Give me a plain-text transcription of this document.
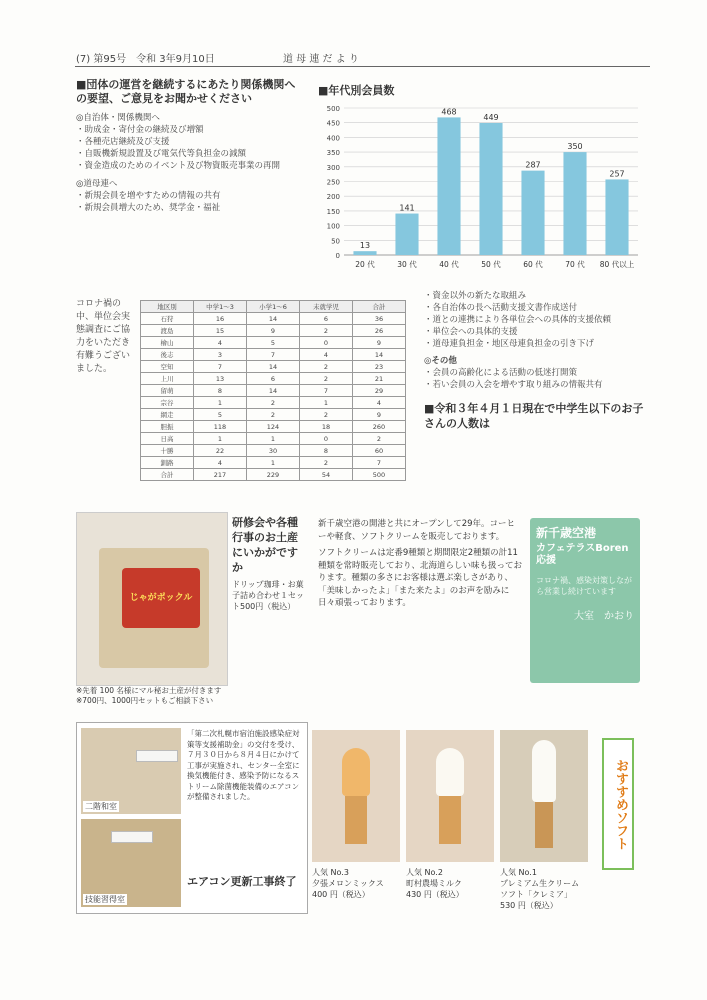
(7) 第95号　令和 3年9月10日	道 母 連 だ よ り
■団体の運営を継続するにあたり関係機関への要望、ご意見をお聞かせください
◎自治体・関係機関へ
・助成金・寄付金の継続及び増額
・各種売店継続及び支援
・自販機新規設置及び電気代等負担金の減額
・資金造成のためのイベント及び物資販売事業の再開
◎道母連へ
・新規会員を増やすための情報の共有
・新規会員増大のため、奨学金・福祉
■年代別会員数
0
50
100
150
200
250
300
350
400
450
500
13
20 代
141
30 代
468
40 代
449
50 代
287
60 代
350
70 代
257
80 代以上
・資金以外の新たな取組み
・各自治体の長へ活動支援文書作成送付
・道との連携により各単位会への具体的支援依頼
・単位会への具体的支援
・道母連負担金・地区母連負担金の引き下げ
◎その他
・会員の高齢化による活動の低迷打開策
・若い会員の入会を増やす取り組みの情報共有
■令和３年４月１日現在で中学生以下のお子さんの人数は
地区別	中学1〜3	小学1〜6	未就学児	合計
石狩	16	14	6	36
渡島	15	9	2	26
檜山	4	5	0	9
後志	3	7	4	14
空知	7	14	2	23
上川	13	6	2	21
留萌	8	14	7	29
宗谷	1	2	1	4
網走	5	2	2	9
胆振	118	124	18	260
日高	1	1	0	2
十勝	22	30	8	60
釧路	4	1	2	7
合計	217	229	54	500
コロナ禍の中、単位会実態調査にご協力をいただき有難うございました。
新千歳空港
カフェテラスBoren応援
コロナ禍、感染対策しながら営業し続けています
大室　かおり
新千歳空港の開港と共にオープンして29年。コーヒーや軽食、ソフトクリームを販売しております。
ソフトクリームは定番9種類と期間限定2種類の計11種類を常時販売しており、北海道らしい味も扱っております。種類の多さにお客様は選ぶ楽しさがあり、「美味しかったよ」「また来たよ」のお声を励みに日々頑張っております。
じゃがポックル
研修会や各種行事のお土産にいかがですか
ドリップ珈琲・お菓子詰め合わせ１セット500円（税込）
※先着 100 名様にマル秘お土産が付きます
※700円、1000円セットもご相談下さい
二階和室
技能習得室
「第二次札幌市宿泊施設感染症対策等支援補助金」の交付を受け、７月３０日から８月４日にかけて工事が実施され、センター全室に換気機能付き、感染予防になるストリーム除菌機能装備のエアコンが整備されました。
エアコン更新工事終了
おすすめソフト
人気 No.3
夕張メロンミックス
400 円（税込）
人気 No.2
町村農場ミルク
430 円（税込）
人気 No.1
プレミアム生クリーム
ソフト「クレミア」
530 円（税込）
